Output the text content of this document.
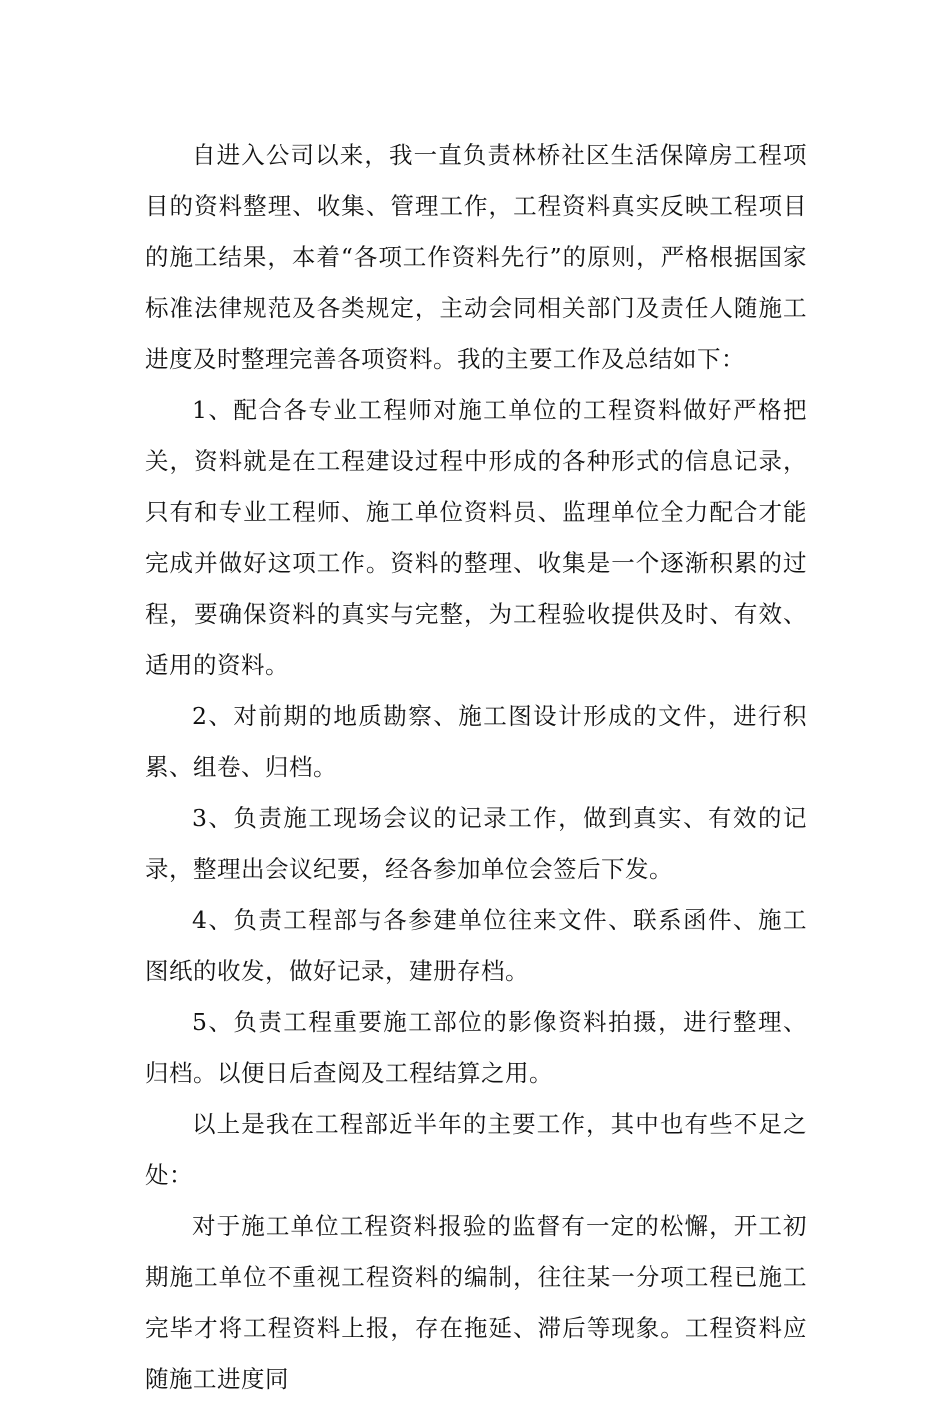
自进入公司以来，我一直负责林桥社区生活保障房工程项目的资料整理、收集、管理工作，工程资料真实反映工程项目的施工结果，本着“各项工作资料先行”的原则，严格根据国家标准法律规范及各类规定，主动会同相关部门及责任人随施工进度及时整理完善各项资料。我的主要工作及总结如下：

1、配合各专业工程师对施工单位的工程资料做好严格把关，资料就是在工程建设过程中形成的各种形式的信息记录，只有和专业工程师、施工单位资料员、监理单位全力配合才能完成并做好这项工作。资料的整理、收集是一个逐渐积累的过程，要确保资料的真实与完整，为工程验收提供及时、有效、适用的资料。

2、对前期的地质勘察、施工图设计形成的文件，进行积累、组卷、归档。

3、负责施工现场会议的记录工作，做到真实、有效的记录，整理出会议纪要，经各参加单位会签后下发。

4、负责工程部与各参建单位往来文件、联系函件、施工图纸的收发，做好记录，建册存档。

5、负责工程重要施工部位的影像资料拍摄，进行整理、归档。以便日后查阅及工程结算之用。

以上是我在工程部近半年的主要工作，其中也有些不足之处：

对于施工单位工程资料报验的监督有一定的松懈，开工初期施工单位不重视工程资料的编制，往往某一分项工程已施工完毕才将工程资料上报，存在拖延、滞后等现象。工程资料应随施工进度同
